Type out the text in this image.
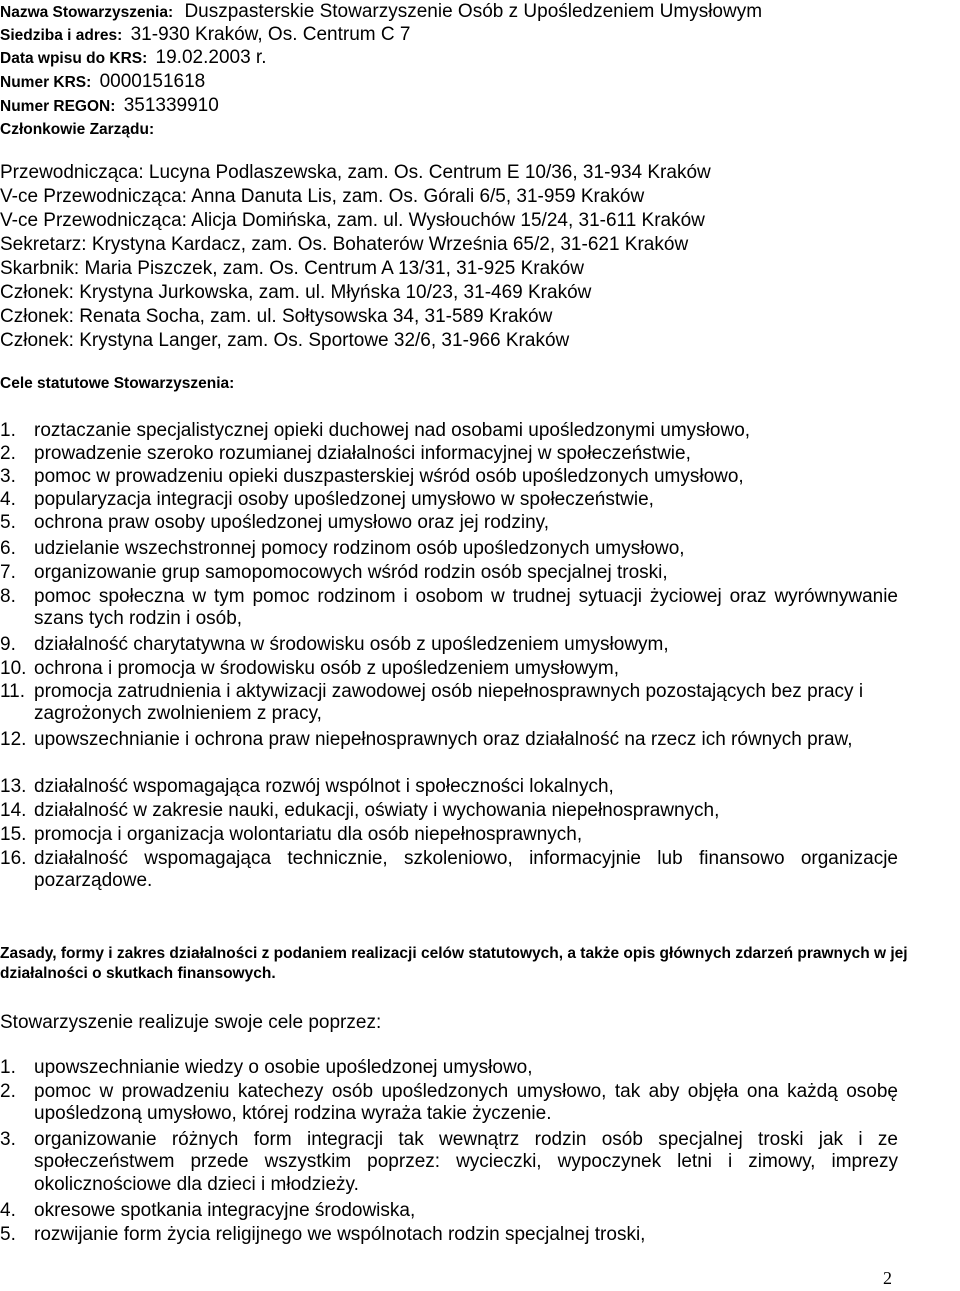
Nazwa Stowarzyszenia: Duszpasterskie Stowarzyszenie Osób z Upośledzeniem Umysłowym
Siedziba i adres: 31-930 Kraków, Os. Centrum C 7
Data wpisu do KRS: 19.02.2003 r.
Numer KRS: 0000151618
Numer REGON: 351339910
Członkowie Zarządu:
Przewodnicząca: Lucyna Podlaszewska, zam. Os. Centrum E 10/36, 31-934 Kraków
V-ce Przewodnicząca: Anna Danuta Lis, zam. Os. Górali 6/5, 31-959 Kraków
V-ce Przewodnicząca: Alicja Domińska, zam. ul. Wysłouchów 15/24, 31-611 Kraków
Sekretarz: Krystyna Kardacz, zam. Os. Bohaterów Września 65/2, 31-621 Kraków
Skarbnik: Maria Piszczek, zam. Os. Centrum A 13/31, 31-925 Kraków
Członek: Krystyna Jurkowska, zam. ul. Młyńska 10/23, 31-469 Kraków
Członek: Renata Socha, zam. ul. Sołtysowska 34, 31-589 Kraków
Członek: Krystyna Langer, zam. Os. Sportowe 32/6, 31-966 Kraków
Cele statutowe Stowarzyszenia:
1. roztaczanie specjalistycznej opieki duchowej nad osobami upośledzonymi umysłowo,
2. prowadzenie szeroko rozumianej działalności informacyjnej w społeczeństwie,
3. pomoc w prowadzeniu opieki duszpasterskiej wśród osób upośledzonych umysłowo,
4. popularyzacja integracji osoby upośledzonej umysłowo w społeczeństwie,
5. ochrona praw osoby upośledzonej umysłowo oraz jej rodziny,
6. udzielanie wszechstronnej pomocy rodzinom osób upośledzonych umysłowo,
7. organizowanie grup samopomocowych wśród rodzin osób specjalnej troski,
8. pomoc społeczna w tym pomoc rodzinom i osobom w trudnej sytuacji życiowej oraz wyrównywanie szans tych rodzin i osób,
9. działalność charytatywna w środowisku osób z upośledzeniem umysłowym,
10. ochrona i promocja w środowisku osób z upośledzeniem umysłowym,
11. promocja zatrudnienia i aktywizacji zawodowej osób niepełnosprawnych pozostających bez pracy i zagrożonych zwolnieniem z pracy,
12. upowszechnianie i ochrona praw niepełnosprawnych oraz działalność na rzecz ich równych praw,
13. działalność wspomagająca rozwój wspólnot i społeczności lokalnych,
14. działalność w zakresie nauki, edukacji, oświaty i wychowania niepełnosprawnych,
15. promocja i organizacja wolontariatu dla osób niepełnosprawnych,
16. działalność wspomagająca technicznie, szkoleniowo, informacyjnie lub finansowo organizacje pozarządowe.
Zasady, formy i zakres działalności z podaniem realizacji celów statutowych, a także opis głównych zdarzeń prawnych w jej działalności o skutkach finansowych.
Stowarzyszenie realizuje swoje cele poprzez:
1. upowszechnianie wiedzy o osobie upośledzonej umysłowo,
2. pomoc w prowadzeniu katechezy osób upośledzonych umysłowo, tak aby objęła ona każdą osobę upośledzoną umysłowo, której rodzina wyraża takie życzenie.
3. organizowanie różnych form integracji tak wewnątrz rodzin osób specjalnej troski jak i ze społeczeństwem przede wszystkim poprzez: wycieczki, wypoczynek letni i zimowy, imprezy okolicznościowe dla dzieci i młodzieży.
4. okresowe spotkania integracyjne środowiska,
5. rozwijanie form życia religijnego we wspólnotach rodzin specjalnej troski,
2
